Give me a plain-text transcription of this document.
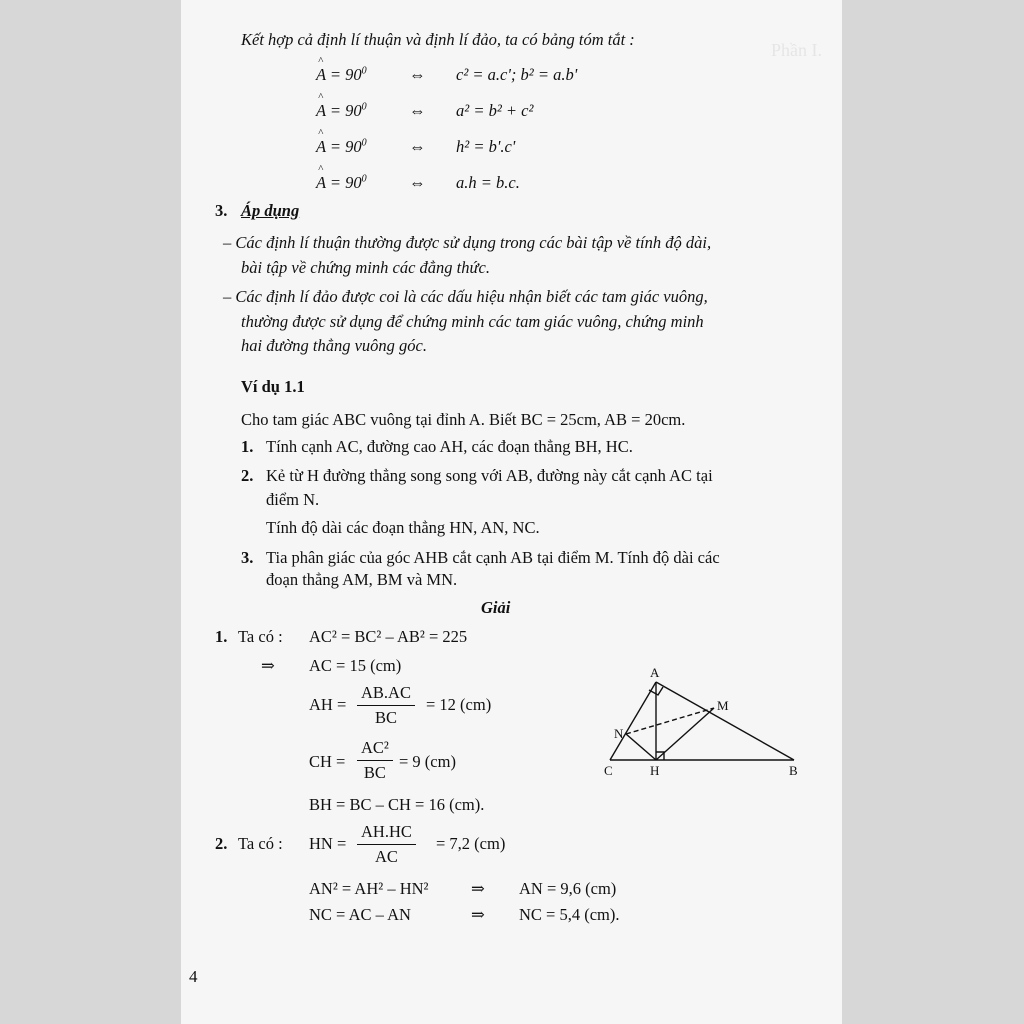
Phần I.
Kết hợp cả định lí thuận và định lí đảo, ta có bảng tóm tắt :
^
$A = 90^0$	⇔ c² = a.c'; b² = a.b'
^
$A = 90^0$	⇔ a² = b² + c²
^
$A = 90^0$	⇔ h² = b'.c'
^
$A = 90^0$	⇔ a.h = b.c.
3. Áp dụng
– Các định lí thuận thường được sử dụng trong các bài tập về tính độ dài,
bài tập về chứng minh các đẳng thức.
– Các định lí đảo được coi là các dấu hiệu nhận biết các tam giác vuông,
thường được sử dụng để chứng minh các tam giác vuông, chứng minh
hai đường thẳng vuông góc.
Ví dụ 1.1
Cho tam giác ABC vuông tại đỉnh A. Biết BC = 25cm, AB = 20cm.
1. Tính cạnh AC, đường cao AH, các đoạn thẳng BH, HC.
2. Kẻ từ H đường thẳng song song với AB, đường này cắt cạnh AC tại
điểm N.
Tính độ dài các đoạn thẳng HN, AN, NC.
3. Tia phân giác của góc AHB cắt cạnh AB tại điểm M. Tính độ dài các
đoạn thẳng AM, BM và MN.
Giải
1. Ta có : AC² = BC² – AB² = 225
⇒ AC = 15 (cm)
AH = $\frac{AB.AC}{BC} = 12$ (cm)
CH = $\frac{\text{AC²}}{BC} = 9$ (cm)
BH = BC – CH = 16 (cm).
2. Ta có : HN = $\frac{AH.HC}{AC} = 7,2$ (cm)
AN² = AH² – HN²	⇒ AN = 9,6 (cm)
NC = AC – AN	⇒ NC = 5,4 (cm).
A
M
N
C	H	B
4
